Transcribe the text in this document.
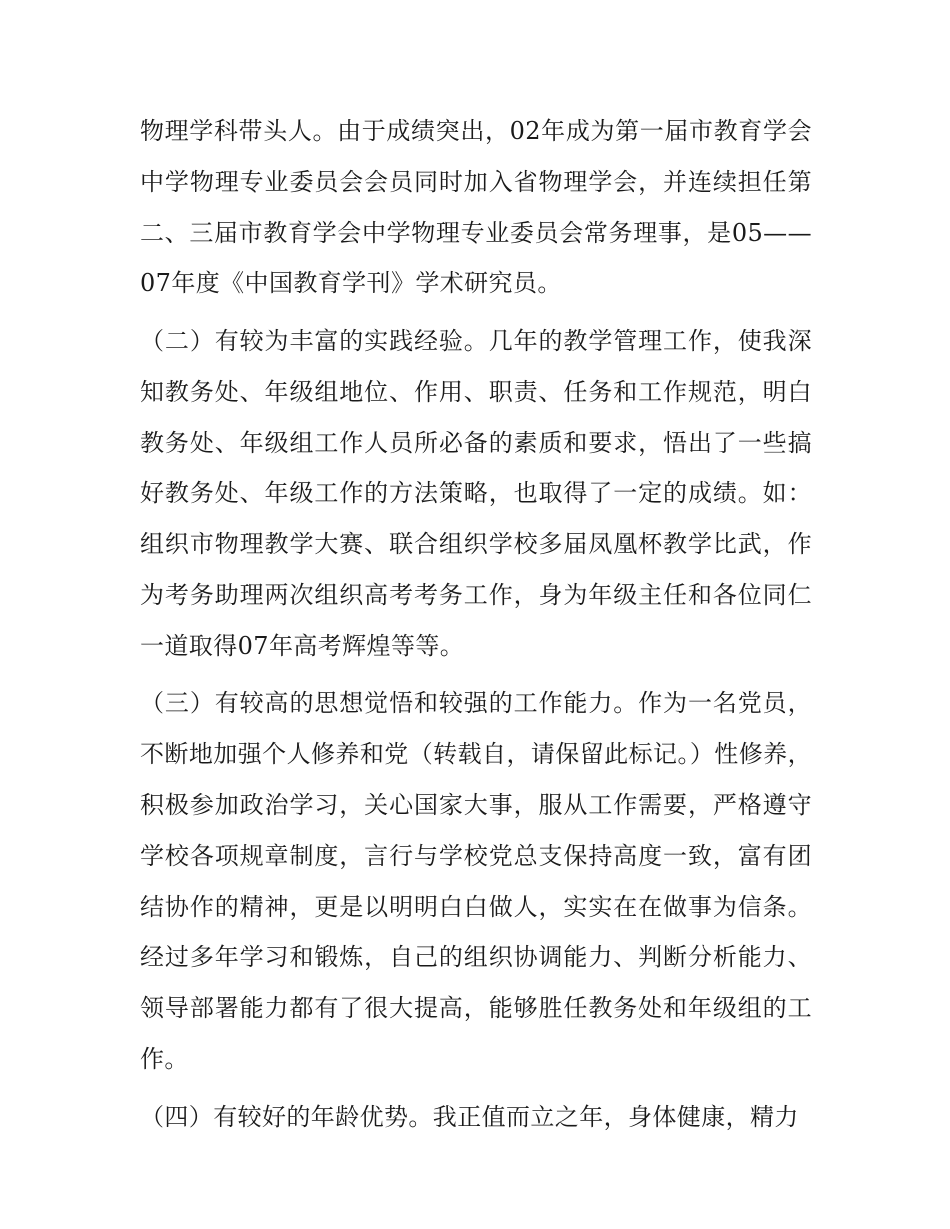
物理学科带头人。由于成绩突出，02年成为第一届市教育学会中学物理专业委员会会员同时加入省物理学会，并连续担任第二、三届市教育学会中学物理专业委员会常务理事，是05——07年度《中国教育学刊》学术研究员。

（二）有较为丰富的实践经验。几年的教学管理工作，使我深知教务处、年级组地位、作用、职责、任务和工作规范，明白教务处、年级组工作人员所必备的素质和要求，悟出了一些搞好教务处、年级工作的方法策略，也取得了一定的成绩。如：组织市物理教学大赛、联合组织学校多届凤凰杯教学比武，作为考务助理两次组织高考考务工作，身为年级主任和各位同仁一道取得07年高考辉煌等等。

（三）有较高的思想觉悟和较强的工作能力。作为一名党员，不断地加强个人修养和党（转载自，请保留此标记。）性修养，积极参加政治学习，关心国家大事，服从工作需要，严格遵守学校各项规章制度，言行与学校党总支保持高度一致，富有团结协作的精神，更是以明明白白做人，实实在在做事为信条。经过多年学习和锻炼，自己的组织协调能力、判断分析能力、领导部署能力都有了很大提高，能够胜任教务处和年级组的工作。

（四）有较好的年龄优势。我正值而立之年，身体健康，精力
